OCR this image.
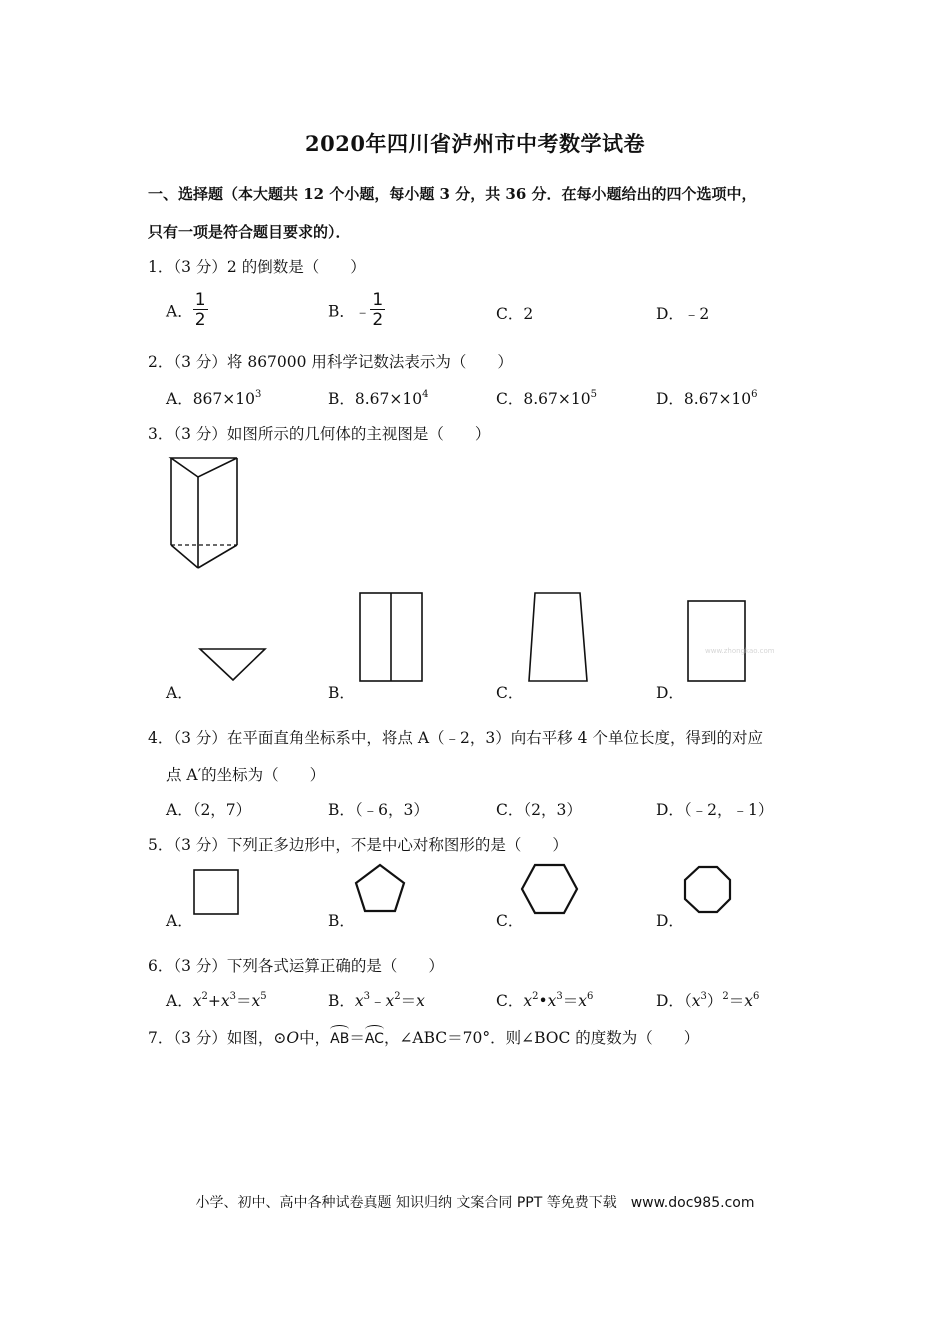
2020年四川省泸州市中考数学试卷
一、选择题（本大题共 12 个小题，每小题 3 分，共 36 分．在每小题给出的四个选项中，
只有一项是符合题目要求的）．
1．（3 分）2 的倒数是（　　）
A． $\frac{1}{2}$	B．﹣ $\frac{1}{2}$	C．2	D．﹣2
2．（3 分）将 867000 用科学记数法表示为（　　）
A．$867\times 10^3$	B．$8.67\times 10^4$	C．$8.67\times 10^5$	D．$8.67\times 10^6$
3．（3 分）如图所示的几何体的主视图是（　　）
www.zhongkao.com
A．	B．	C．	D．
4．（3 分）在平面直角坐标系中，将点 A（﹣2，3）向右平移 4 个单位长度，得到的对应
点 A′的坐标为（　　）
A．（2，7）	B．（﹣6，3）	C．（2，3）	D．（﹣2，﹣1）
5．（3 分）下列正多边形中，不是中心对称图形的是（　　）
A．	B．	C．	D．
6．（3 分）下列各式运算正确的是（　　）
A．$x^2+x^3=x^5$	B．$x^3﹣x^2=x$	C．$x^2•x^3=x^6$	D．$(x^3)^2=x^6$
7．（3 分）如图，⊙O中，AB＝AC，∠ABC＝70°．则∠BOC 的度数为（　　）
小学、初中、高中各种试卷真题 知识归纳 文案合同 PPT 等免费下载　www.doc985.com
